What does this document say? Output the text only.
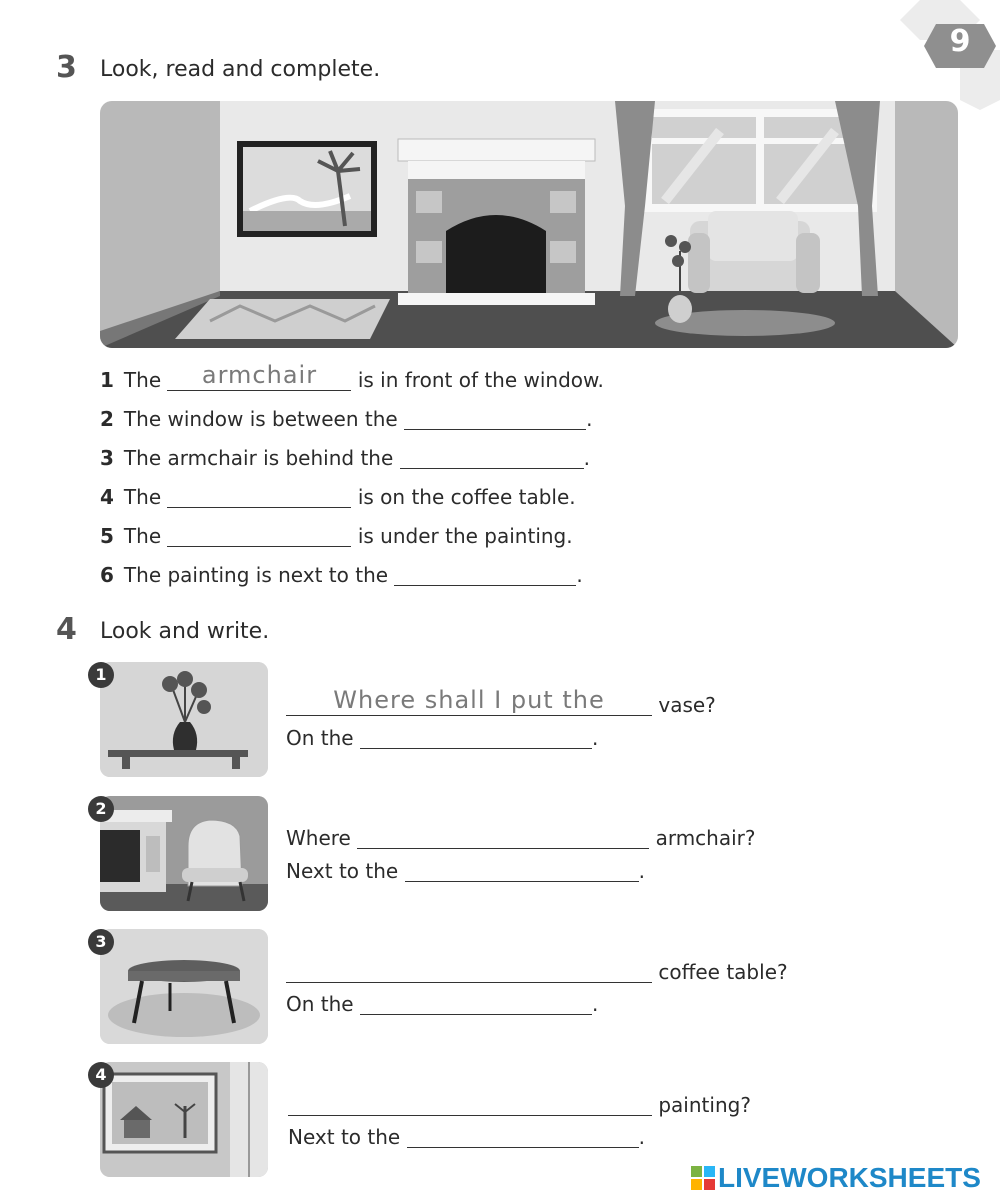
9
3 Look, read and complete.
1 The	armchair	is in front of the window.
2 The window is between the	.
3 The armchair is behind the	.
4 The	is on the coffee table.
5 The	is under the painting.
6 The painting is next to the	.
4 Look and write.
1
2
3
4
Where shall I put the	vase?
On the	.
Where	armchair?
Next to the	.
coffee table?
On the	.
painting?
Next to the	.
LIVEWORKSHEETS
